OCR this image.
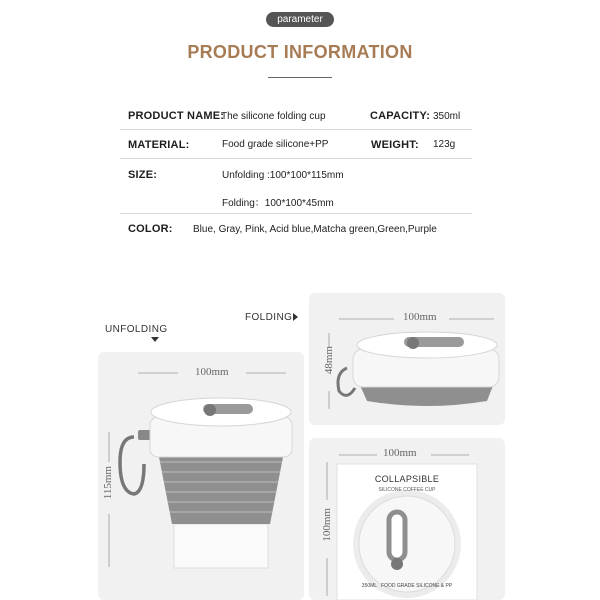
parameter
PRODUCT INFORMATION
PRODUCT NAME:
The silicone folding cup	CAPACITY: 350ml
MATERIAL:	Food grade silicone+PP	WEIGHT: 123g
SIZE:	Unfolding :100*100*115mm
Folding：100*100*45mm
COLOR: Blue, Gray, Pink, Acid blue,Matcha green,Green,Purple
UNFOLDING
FOLDING
100mm
115mm
100mm
48mm
100mm
100mm
COLLAPSIBLE
SILICONE COFFEE CUP
350ML   FOOD GRADE SILICONE & PP
